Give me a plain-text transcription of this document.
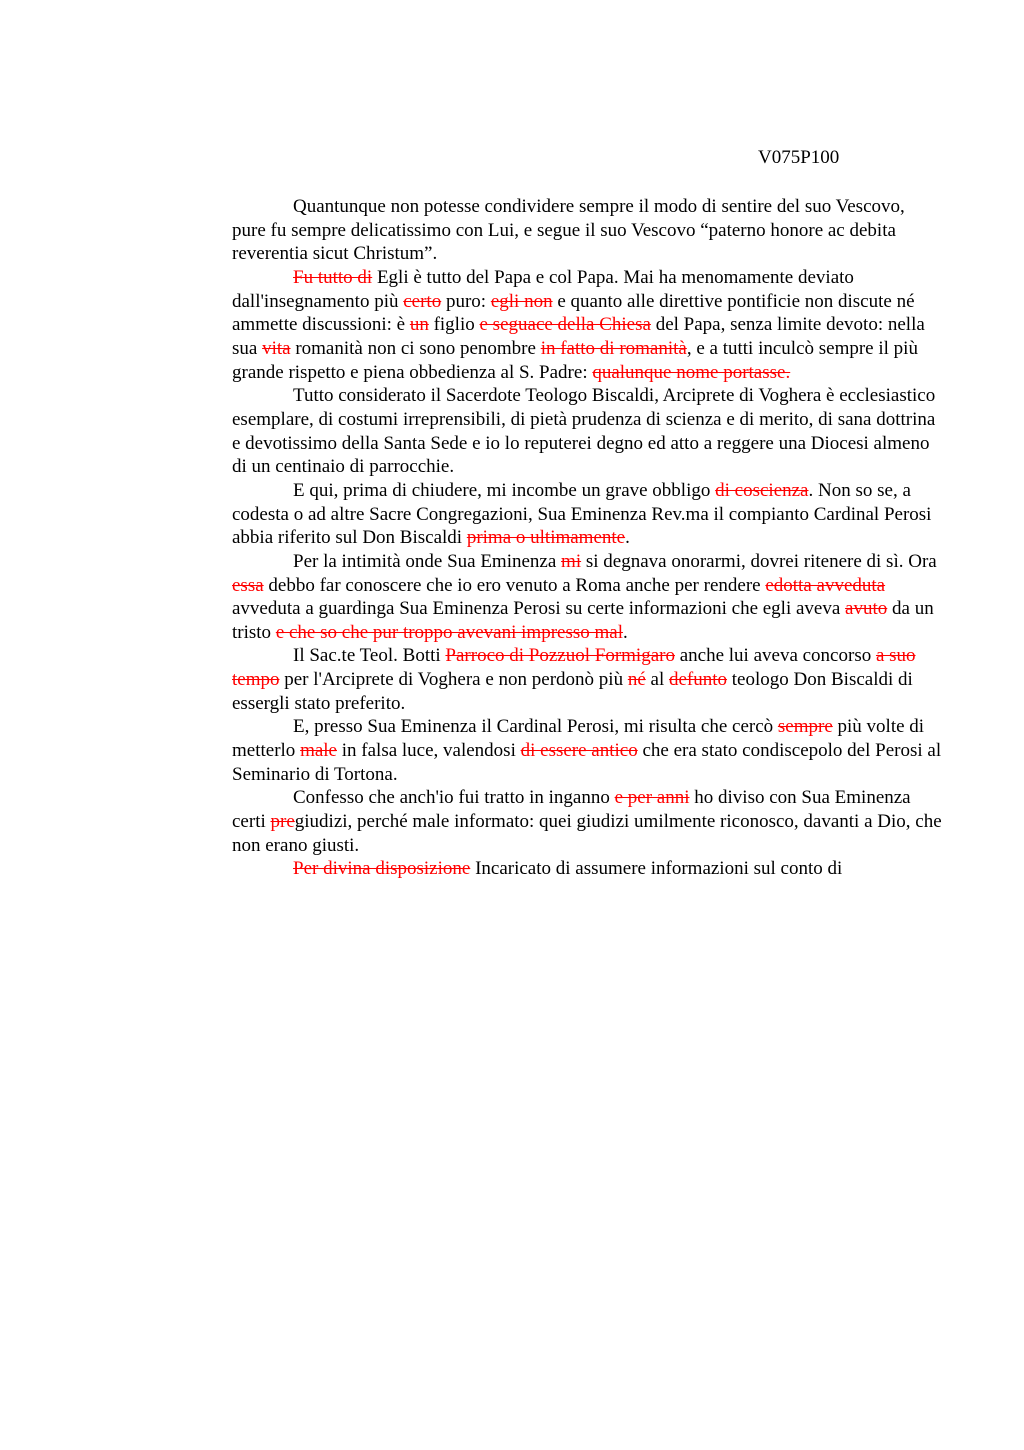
V075P100

Quantunque non potesse condividere sempre il modo di sentire del suo Vescovo, pure fu sempre delicatissimo con Lui, e segue il suo Vescovo “paterno honore ac debita reverentia sicut Christum”.

Fu tutto di Egli è tutto del Papa e col Papa. Mai ha menomamente deviato dall'insegnamento più certo puro: egli non e quanto alle direttive pontificie non discute né ammette discussioni: è un figlio e seguace della Chiesa del Papa, senza limite devoto: nella sua vita romanità non ci sono penombre in fatto di romanità, e a tutti inculcò sempre il più grande rispetto e piena obbedienza al S. Padre: qualunque nome portasse.

Tutto considerato il Sacerdote Teologo Biscaldi, Arciprete di Voghera è ecclesiastico esemplare, di costumi irreprensibili, di pietà prudenza di scienza e di merito, di sana dottrina e devotissimo della Santa Sede e io lo reputerei degno ed atto a reggere una Diocesi almeno di un centinaio di parrocchie.

E qui, prima di chiudere, mi incombe un grave obbligo di coscienza. Non so se, a codesta o ad altre Sacre Congregazioni, Sua Eminenza Rev.ma il compianto Cardinal Perosi abbia riferito sul Don Biscaldi prima o ultimamente.

Per la intimità onde Sua Eminenza mi si degnava onorarmi, dovrei ritenere di sì. Ora essa debbo far conoscere che io ero venuto a Roma anche per rendere edotta avveduta avveduta a guardinga Sua Eminenza Perosi su certe informazioni che egli aveva avuto da un tristo e che so che pur troppo avevani impresso mal.

Il Sac.te Teol. Botti Parroco di Pozzuol Formigaro anche lui aveva concorso a suo tempo per l'Arciprete di Voghera e non perdonò più né al defunto teologo Don Biscaldi di essergli stato preferito.

E, presso Sua Eminenza il Cardinal Perosi, mi risulta che cercò sempre più volte di metterlo male in falsa luce, valendosi di essere antico che era stato condiscepolo del Perosi al Seminario di Tortona.

Confesso che anch'io fui tratto in inganno e per anni ho diviso con Sua Eminenza certi pregiudizi, perché male informato: quei giudizi umilmente riconosco, davanti a Dio, che non erano giusti.

Per divina disposizione Incaricato di assumere informazioni sul conto di
